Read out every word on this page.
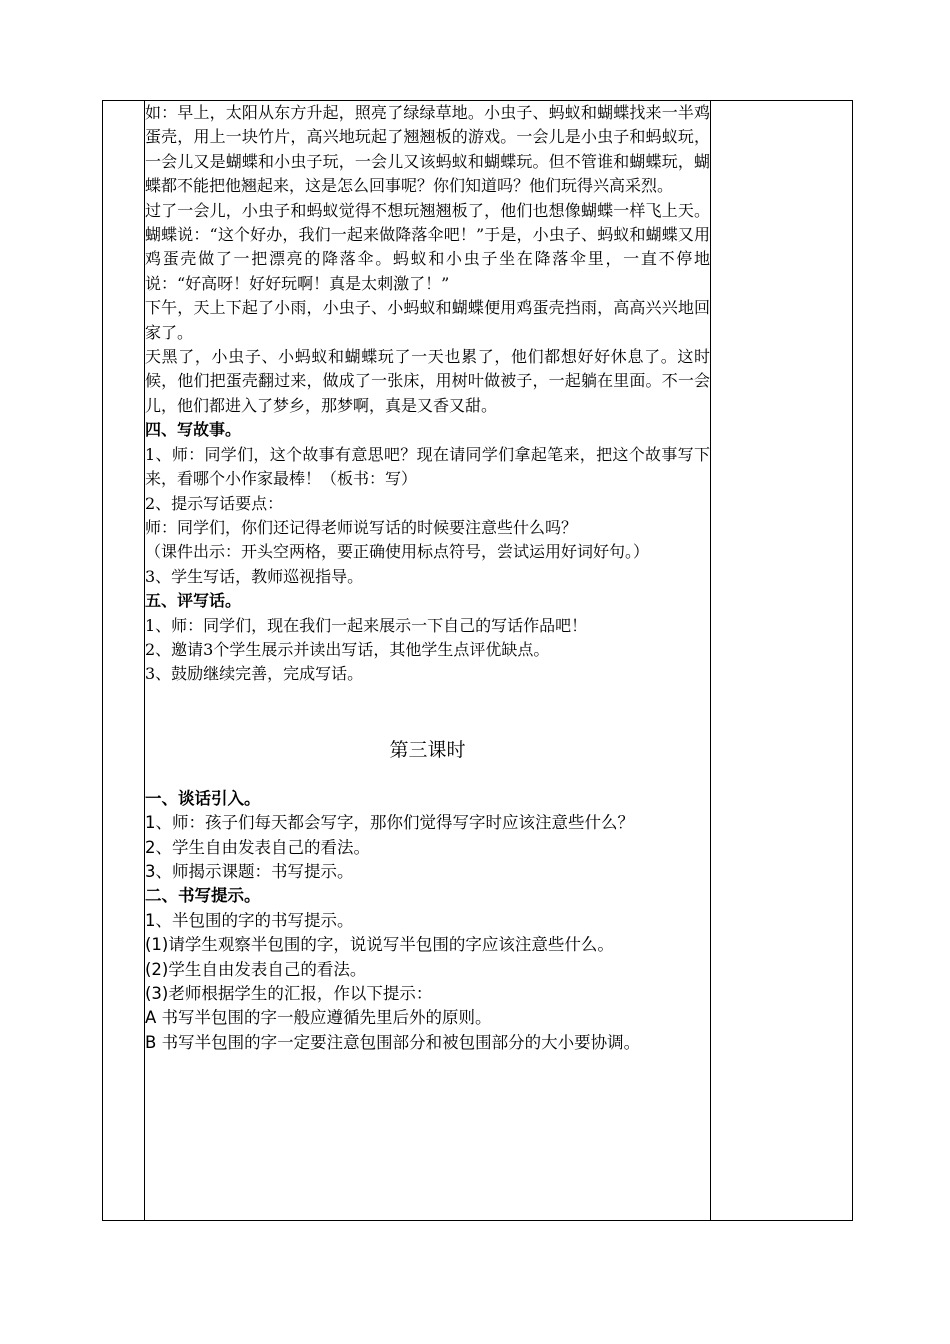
如：早上，太阳从东方升起，照亮了绿绿草地。小虫子、蚂蚁和蝴蝶找来一半鸡蛋壳，用上一块竹片，高兴地玩起了翘翘板的游戏。一会儿是小虫子和蚂蚁玩，一会儿又是蝴蝶和小虫子玩，一会儿又该蚂蚁和蝴蝶玩。但不管谁和蝴蝶玩，蝴蝶都不能把他翘起来，这是怎么回事呢？你们知道吗？他们玩得兴高采烈。

过了一会儿，小虫子和蚂蚁觉得不想玩翘翘板了，他们也想像蝴蝶一样飞上天。蝴蝶说：“这个好办，我们一起来做降落伞吧！”于是，小虫子、蚂蚁和蝴蝶又用鸡蛋壳做了一把漂亮的降落伞。蚂蚁和小虫子坐在降落伞里，一直不停地说：“好高呀！好好玩啊！真是太刺激了！”

下午，天上下起了小雨，小虫子、小蚂蚁和蝴蝶便用鸡蛋壳挡雨，高高兴兴地回家了。

天黑了，小虫子、小蚂蚁和蝴蝶玩了一天也累了，他们都想好好休息了。这时候，他们把蛋壳翻过来，做成了一张床，用树叶做被子，一起躺在里面。不一会儿，他们都进入了梦乡，那梦啊，真是又香又甜。

四、写故事。

1、师：同学们，这个故事有意思吧？现在请同学们拿起笔来，把这个故事写下来，看哪个小作家最棒！（板书：写）

2、提示写话要点：

师：同学们，你们还记得老师说写话的时候要注意些什么吗？

（课件出示：开头空两格，要正确使用标点符号，尝试运用好词好句。）

3、学生写话，教师巡视指导。

五、评写话。

1、师：同学们，现在我们一起来展示一下自己的写话作品吧！

2、邀请3个学生展示并读出写话，其他学生点评优缺点。

3、鼓励继续完善，完成写话。

第三课时

一、谈话引入。

1、师：孩子们每天都会写字，那你们觉得写字时应该注意些什么？

2、学生自由发表自己的看法。

3、师揭示课题：书写提示。

二、书写提示。

1、半包围的字的书写提示。

(1)请学生观察半包围的字，说说写半包围的字应该注意些什么。

(2)学生自由发表自己的看法。

(3)老师根据学生的汇报，作以下提示：

A 书写半包围的字一般应遵循先里后外的原则。

B 书写半包围的字一定要注意包围部分和被包围部分的大小要协调。
